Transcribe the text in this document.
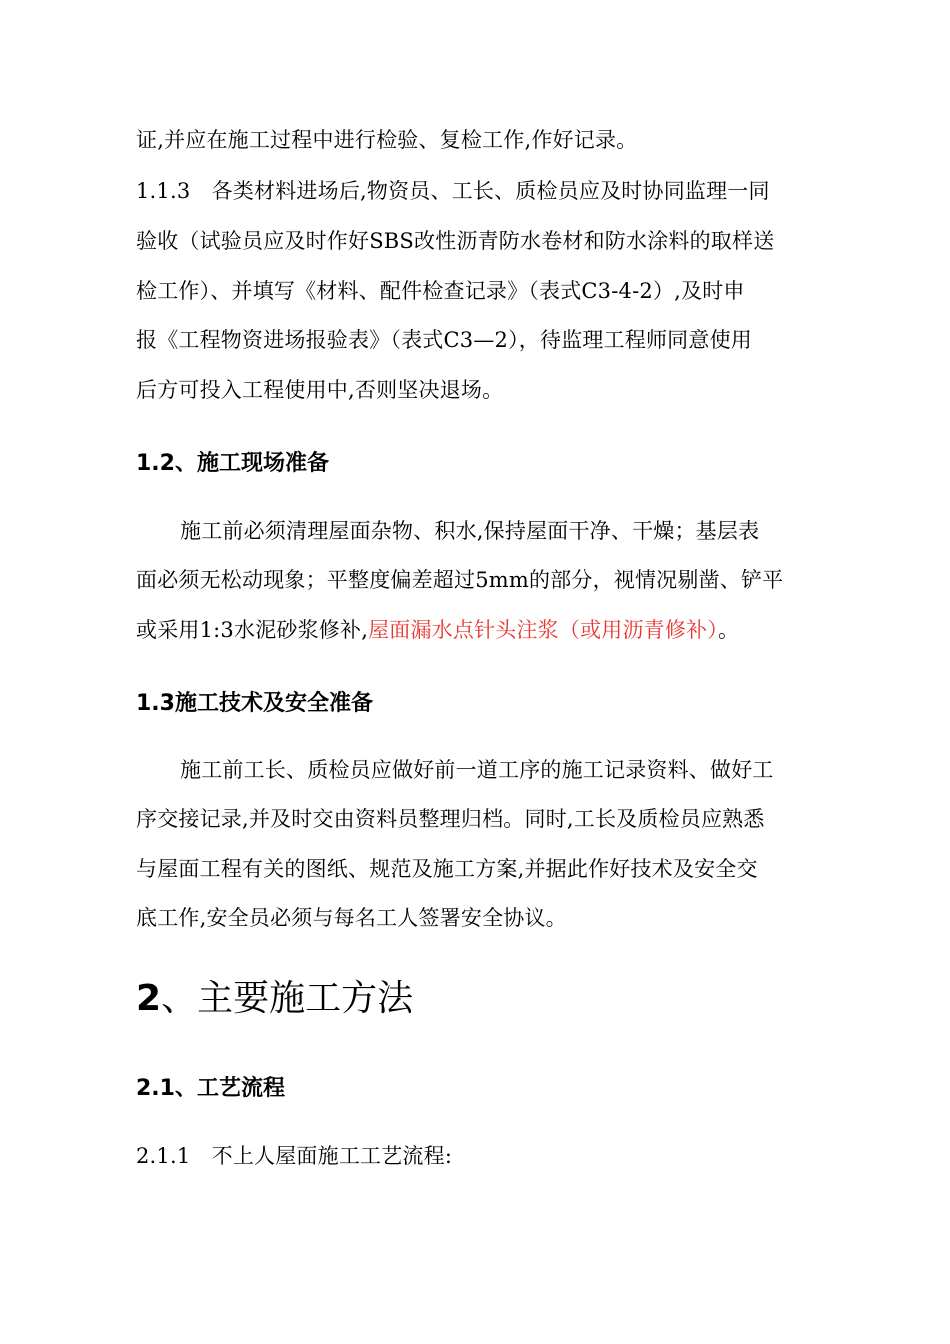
证,并应在施工过程中进行检验、复检工作,作好记录。
1.1.3　各类材料进场后,物资员、工长、质检员应及时协同监理一同
验收（试验员应及时作好SBS改性沥青防水卷材和防水涂料的取样送
检工作）、并填写《材料、配件检查记录》（表式C3-4-2）,及时申
报《工程物资进场报验表》（表式C3—2），待监理工程师同意使用
后方可投入工程使用中,否则坚决退场。
1.2、施工现场准备
施工前必须清理屋面杂物、积水,保持屋面干净、干燥；基层表
面必须无松动现象；平整度偏差超过5mm的部分，视情况剔凿、铲平
或采用1:3水泥砂浆修补,屋面漏水点针头注浆（或用沥青修补）。
1.3施工技术及安全准备
施工前工长、质检员应做好前一道工序的施工记录资料、做好工
序交接记录,并及时交由资料员整理归档。同时,工长及质检员应熟悉
与屋面工程有关的图纸、规范及施工方案,并据此作好技术及安全交
底工作,安全员必须与每名工人签署安全协议。
2、主要施工方法
2.1、工艺流程
2.1.1　不上人屋面施工工艺流程:
